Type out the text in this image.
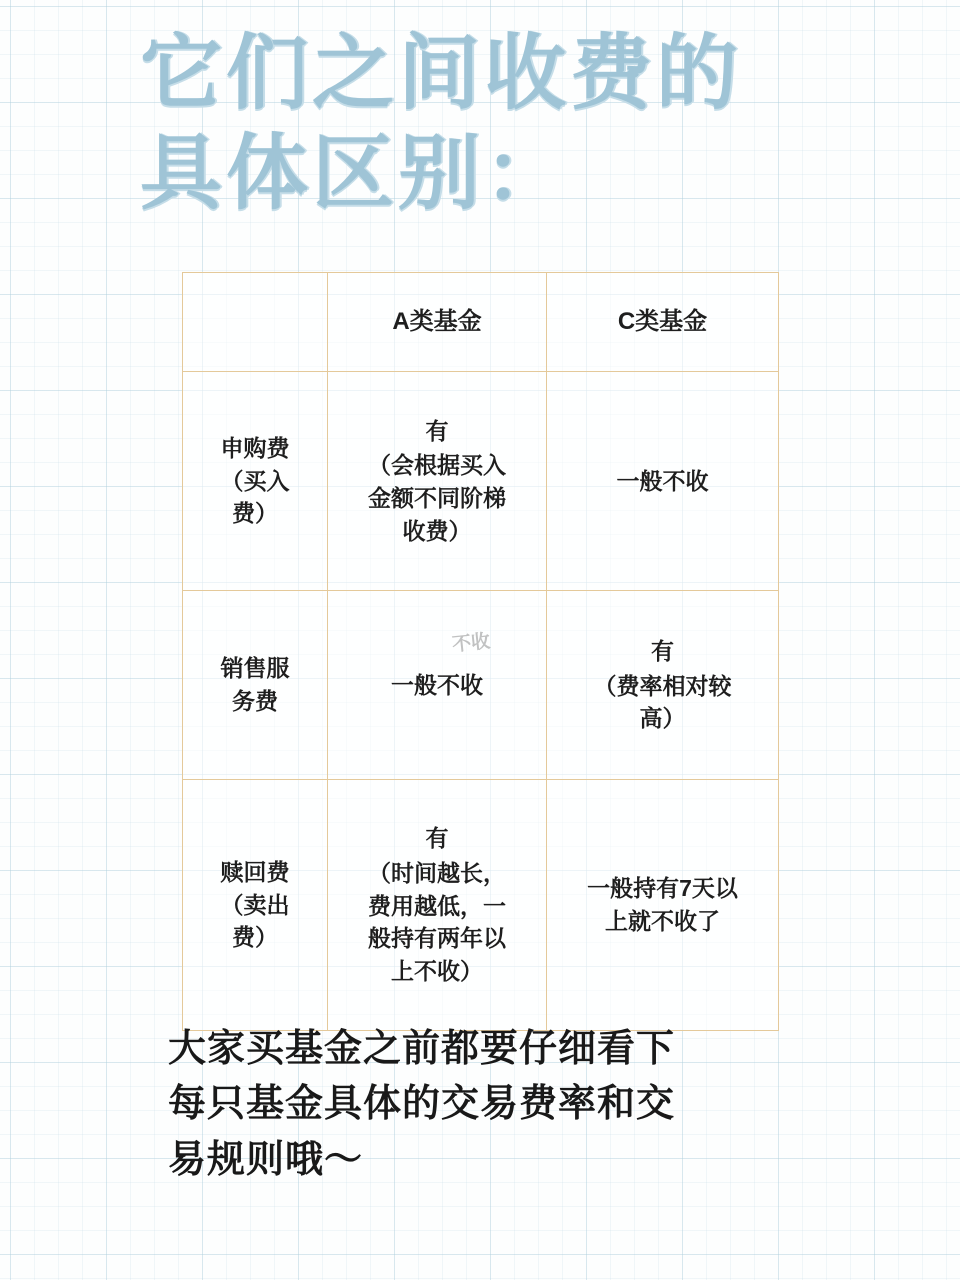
它们之间收费的
具体区别：
	A类基金	C类基金

申购费
（买入
费）	有
（会根据买入
金额不同阶梯
收费）	一般不收

销售服
务费	一般不收	有
（费率相对较
高）

赎回费
（卖出
费）	有
（时间越长，
费用越低，一
般持有两年以
上不收）	一般持有7天以
上就不收了
不收
大家买基金之前都要仔细看下
每只基金具体的交易费率和交
易规则哦～
